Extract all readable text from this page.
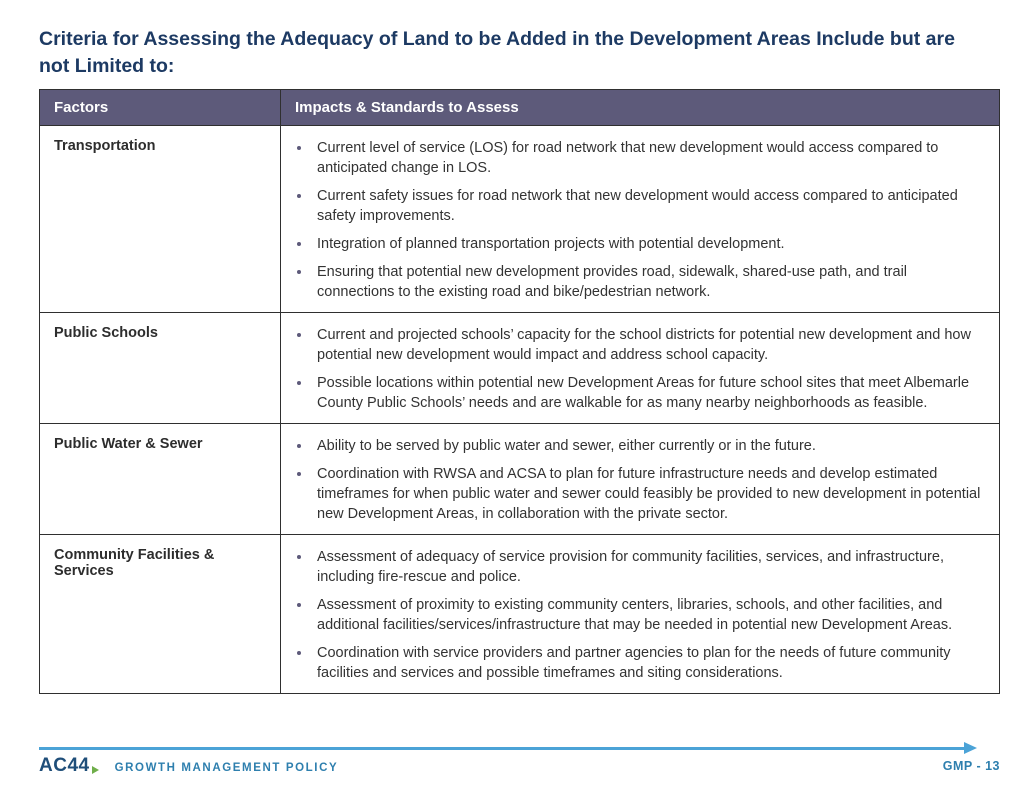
Criteria for Assessing the Adequacy of Land to be Added in the Development Areas Include but are not Limited to:
Factors	Impacts & Standards to Assess
Transportation	
•Current level of service (LOS) for road network that new development would access compared to anticipated change in LOS.
• Current safety issues for road network that new development would access compared to anticipated safety improvements.
• Integration of planned transportation projects with potential development.
• Ensuring that potential new development provides road, sidewalk, shared-use path, and trail connections to the existing road and bike/pedestrian network.

Public Schools	
•Current and projected schools’ capacity for the school districts for potential new development and how potential new development would impact and address school capacity.
• Possible locations within potential new Development Areas for future school sites that meet Albemarle County Public Schools’ needs and are walkable for as many nearby neighborhoods as feasible.

Public Water & Sewer	
•Ability to be served by public water and sewer, either currently or in the future.
• Coordination with RWSA and ACSA to plan for future infrastructure needs and develop estimated timeframes for when public water and sewer could feasibly be provided to new development in potential new Development Areas, in collaboration with the private sector.

Community Facilities & Services	
• Assessment of adequacy of service provision for community facilities, services, and infrastructure, including fire-rescue and police.
• Assessment of proximity to existing community centers, libraries, schools, and other facilities, and additional facilities/services/infrastructure that may be needed in potential new Development Areas.
• Coordination with service providers and partner agencies to plan for the needs of future community facilities and services and possible timeframes and siting considerations.
AC44 GROWTH MANAGEMENT POLICY	GMP - 13
